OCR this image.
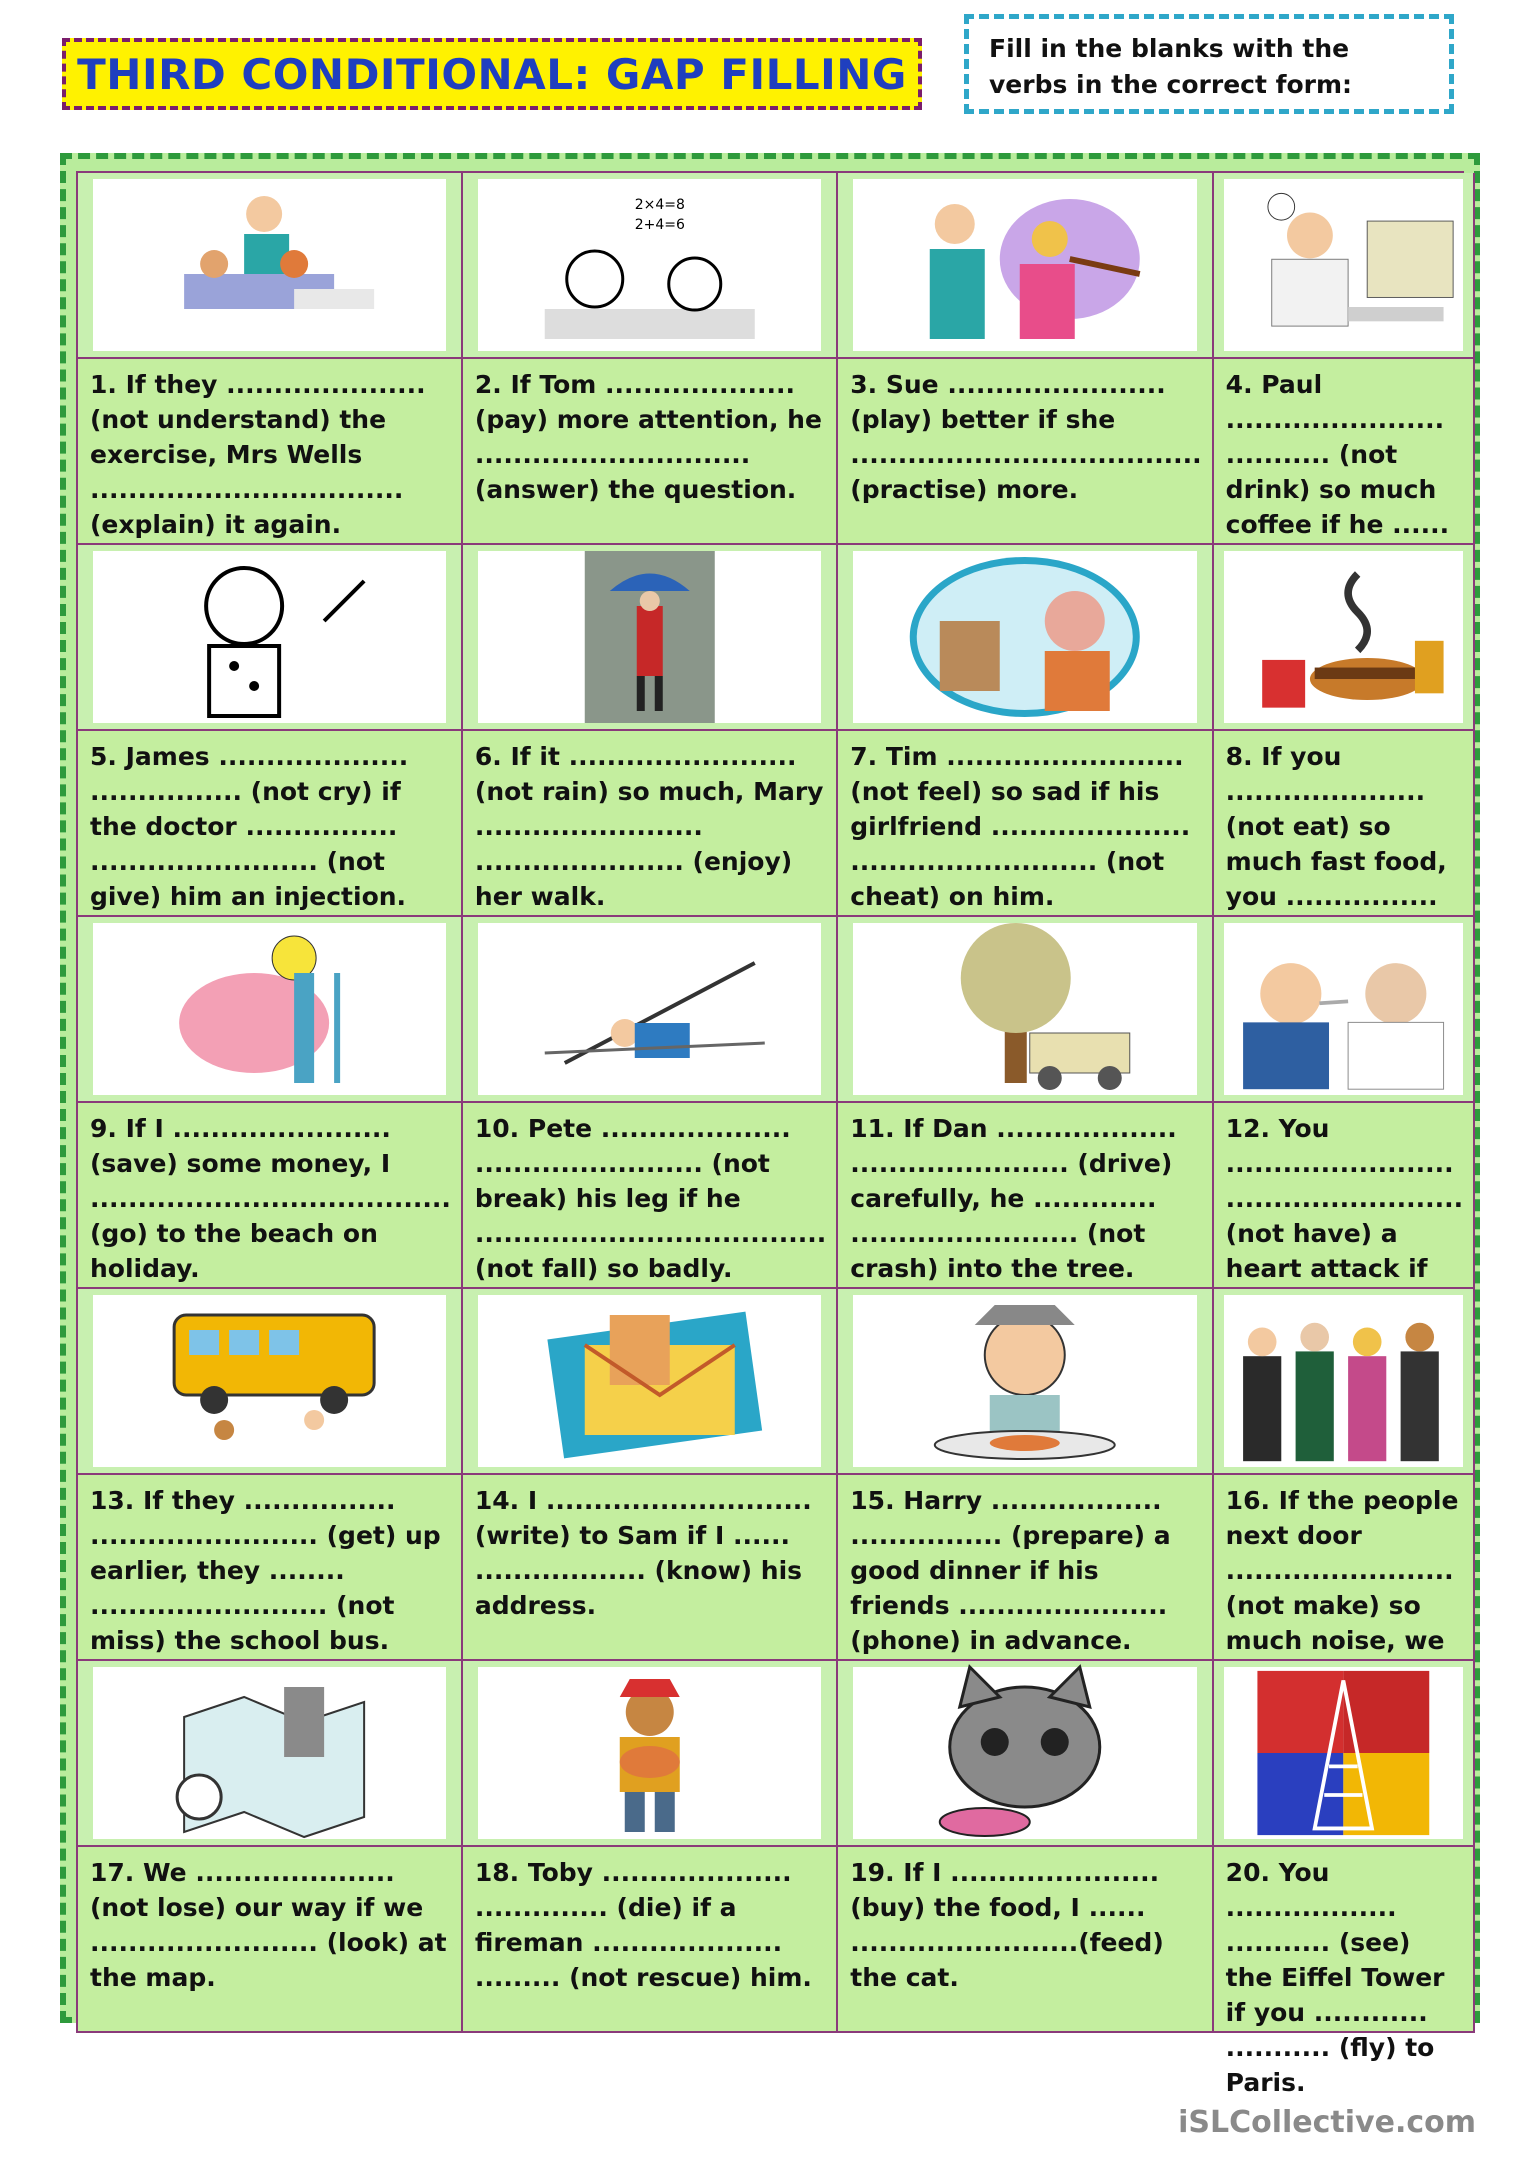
THIRD CONDITIONAL: GAP FILLING
Fill in the blanks with the verbs in the correct form:
2×4=8
2+4=6
1. If they ..................... (not understand) the exercise, Mrs Wells ................................. (explain) it again.
2. If Tom .................... (pay) more attention, he ............................. (answer) the question.
3. Sue ....................... (play) better if she ..................................... (practise) more.
4. Paul ....................... ........... (not drink) so much coffee if he ......
5. James .................... ................ (not cry) if the doctor ................ ........................ (not give) him an injection.
6. If it ........................ (not rain) so much, Mary ........................ ...................... (enjoy) her walk.
7. Tim ......................... (not feel) so sad if his girlfriend ..................... .......................... (not cheat) on him.
8. If you ..................... (not eat) so much fast food, you ................
9. If I ....................... (save) some money, I ...................................... (go) to the beach on holiday.
10. Pete .................... ........................ (not break) his leg if he ..................................... (not fall) so badly.
11. If Dan ................... ....................... (drive) carefully, he ............. ........................ (not crash) into the tree.
12. You ........................ ......................... (not have) a heart attack if
13. If they ................ ........................ (get) up earlier, they ........ ......................... (not miss) the school bus.
14. I ............................ (write) to Sam if I ...... .................. (know) his address.
15. Harry .................. ................ (prepare) a good dinner if his friends ...................... (phone) in advance.
16. If the people next door ........................ (not make) so much noise, we
17. We ..................... (not lose) our way if we ........................ (look) at the map.
18. Toby .................... .............. (die) if a fireman .................... ......... (not rescue) him.
19. If I ...................... (buy) the food, I ...... ........................(feed) the cat.
20. You .................. ........... (see) the Eiffel Tower if you ............ ........... (fly) to Paris.
iSLCollective.com
